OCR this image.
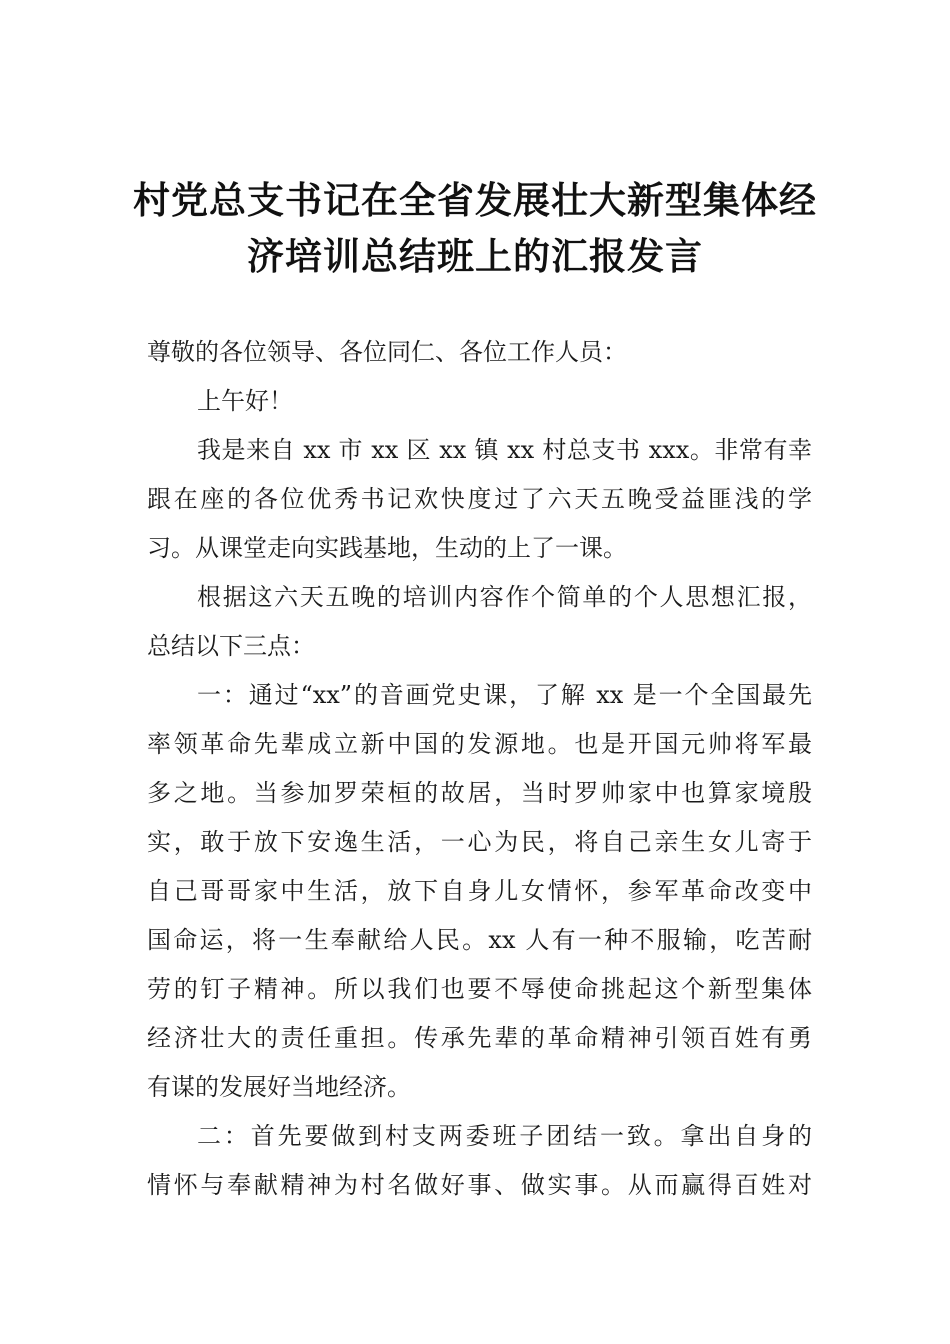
村党总支书记在全省发展壮大新型集体经
济培训总结班上的汇报发言
尊敬的各位领导、各位同仁、各位工作人员：
上午好！
我是来自 xx 市 xx 区 xx 镇 xx 村总支书 xxx。非常有幸
跟在座的各位优秀书记欢快度过了六天五晚受益匪浅的学
习。从课堂走向实践基地，生动的上了一课。
根据这六天五晚的培训内容作个简单的个人思想汇报，
总结以下三点：
一：通过“xx”的音画党史课，了解 xx 是一个全国最先
率领革命先辈成立新中国的发源地。也是开国元帅将军最
多之地。当参加罗荣桓的故居，当时罗帅家中也算家境殷
实，敢于放下安逸生活，一心为民，将自己亲生女儿寄于
自己哥哥家中生活，放下自身儿女情怀，参军革命改变中
国命运，将一生奉献给人民。xx 人有一种不服输，吃苦耐
劳的钉子精神。所以我们也要不辱使命挑起这个新型集体
经济壮大的责任重担。传承先辈的革命精神引领百姓有勇
有谋的发展好当地经济。
二：首先要做到村支两委班子团结一致。拿出自身的
情怀与奉献精神为村名做好事、做实事。从而赢得百姓对
